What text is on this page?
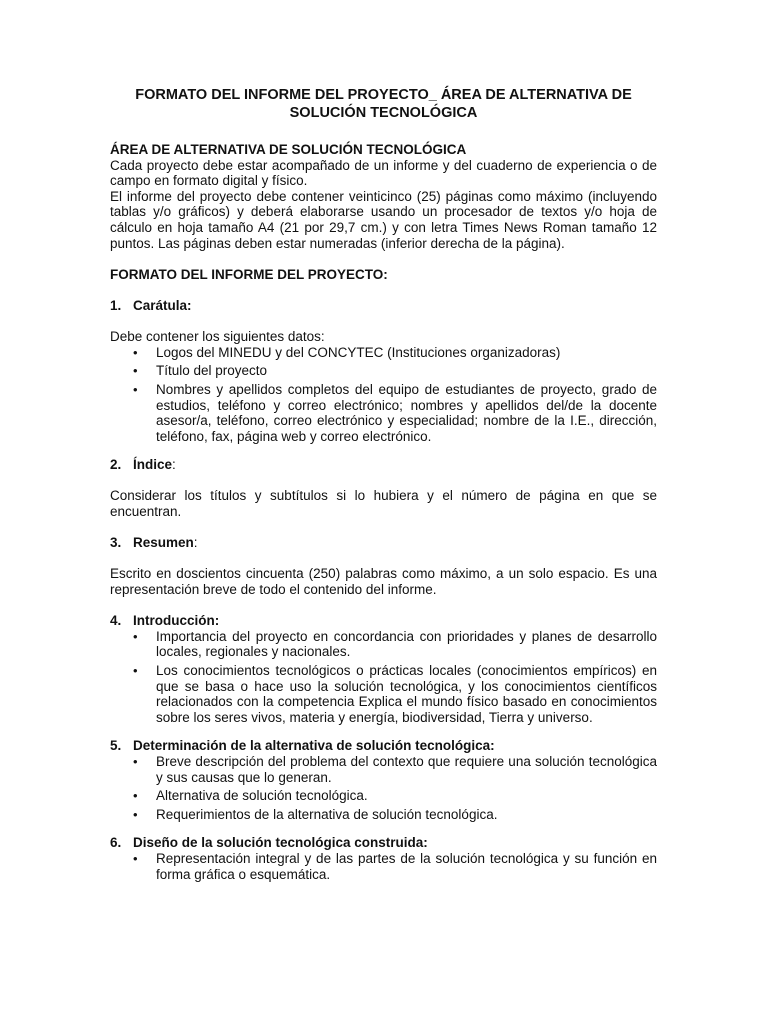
FORMATO DEL INFORME DEL PROYECTO_ ÁREA DE ALTERNATIVA DE
SOLUCIÓN TECNOLÓGICA
ÁREA DE ALTERNATIVA DE SOLUCIÓN TECNOLÓGICA
Cada proyecto debe estar acompañado de un informe y del cuaderno de experiencia o de campo en formato digital y físico.
El informe del proyecto debe contener veinticinco (25) páginas como máximo (incluyendo tablas y/o gráficos) y deberá elaborarse usando un procesador de textos y/o hoja de cálculo en hoja tamaño A4 (21 por 29,7 cm.) y con letra Times News Roman tamaño 12 puntos. Las páginas deben estar numeradas (inferior derecha de la página).
FORMATO DEL INFORME DEL PROYECTO:
1. Carátula:
Debe contener los siguientes datos:
• Logos del MINEDU y del CONCYTEC (Instituciones organizadoras)
• Título del proyecto
• Nombres y apellidos completos del equipo de estudiantes de proyecto, grado de estudios, teléfono y correo electrónico; nombres y apellidos del/de la docente asesor/a, teléfono, correo electrónico y especialidad; nombre de la I.E., dirección, teléfono, fax, página web y correo electrónico.
2. Índice:
Considerar los títulos y subtítulos si lo hubiera y el número de página en que se encuentran.
3. Resumen:
Escrito en doscientos cincuenta (250) palabras como máximo, a un solo espacio. Es una representación breve de todo el contenido del informe.
4. Introducción:
• Importancia del proyecto en concordancia con prioridades y planes de desarrollo locales, regionales y nacionales.
• Los conocimientos tecnológicos o prácticas locales (conocimientos empíricos) en que se basa o hace uso la solución tecnológica, y los conocimientos científicos relacionados con la competencia Explica el mundo físico basado en conocimientos sobre los seres vivos, materia y energía, biodiversidad, Tierra y universo.
5. Determinación de la alternativa de solución tecnológica:
• Breve descripción del problema del contexto que requiere una solución tecnológica y sus causas que lo generan.
• Alternativa de solución tecnológica.
• Requerimientos de la alternativa de solución tecnológica.
6. Diseño de la solución tecnológica construida:
• Representación integral y de las partes de la solución tecnológica y su función en forma gráfica o esquemática.
